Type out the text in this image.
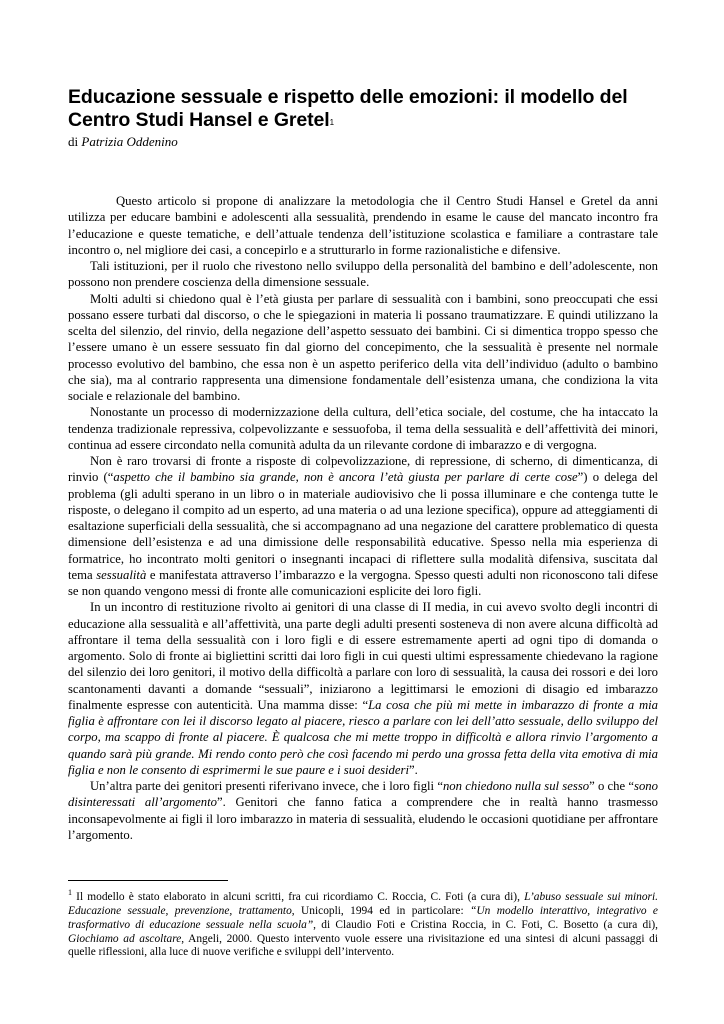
Educazione sessuale e rispetto delle emozioni: il modello del Centro Studi Hansel e Gretel$^1$
di Patrizia Oddenino

Questo articolo si propone di analizzare la metodologia che il Centro Studi Hansel e Gretel da anni utilizza per educare bambini e adolescenti alla sessualità, prendendo in esame le cause del mancato incontro fra l’educazione e queste tematiche, e dell’attuale tendenza dell’istituzione scolastica e familiare a contrastare tale incontro o, nel migliore dei casi, a concepirlo e a strutturarlo in forme razionalistiche e difensive.

Tali istituzioni, per il ruolo che rivestono nello sviluppo della personalità del bambino e dell’adolescente, non possono non prendere coscienza della dimensione sessuale.

Molti adulti si chiedono qual è l’età giusta per parlare di sessualità con i bambini, sono preoccupati che essi possano essere turbati dal discorso, o che le spiegazioni in materia li possano traumatizzare. E quindi utilizzano la scelta del silenzio, del rinvio, della negazione dell’aspetto sessuato dei bambini. Ci si dimentica troppo spesso che l’essere umano è un essere sessuato fin dal giorno del concepimento, che la sessualità è presente nel normale processo evolutivo del bambino, che essa non è un aspetto periferico della vita dell’individuo (adulto o bambino che sia), ma al contrario rappresenta una dimensione fondamentale dell’esistenza umana, che condiziona la vita sociale e relazionale del bambino.

Nonostante un processo di modernizzazione della cultura, dell’etica sociale, del costume, che ha intaccato la tendenza tradizionale repressiva, colpevolizzante e sessuofoba, il tema della sessualità e dell’affettività dei minori, continua ad essere circondato nella comunità adulta da un rilevante cordone di imbarazzo e di vergogna.

Non è raro trovarsi di fronte a risposte di colpevolizzazione, di repressione, di scherno, di dimenticanza, di rinvio (“aspetto che il bambino sia grande, non è ancora l’età giusta per parlare di certe cose”) o delega del problema (gli adulti sperano in un libro o in materiale audiovisivo che li possa illuminare e che contenga tutte le risposte, o delegano il compito ad un esperto, ad una materia o ad una lezione specifica), oppure ad atteggiamenti di esaltazione superficiali della sessualità, che si accompagnano ad una negazione del carattere problematico di questa dimensione dell’esistenza e ad una dimissione delle responsabilità educative. Spesso nella mia esperienza di formatrice, ho incontrato molti genitori o insegnanti incapaci di riflettere sulla modalità difensiva, suscitata dal tema sessualità e manifestata attraverso l’imbarazzo e la vergogna. Spesso questi adulti non riconoscono tali difese se non quando vengono messi di fronte alle comunicazioni esplicite dei loro figli.

In un incontro di restituzione rivolto ai genitori di una classe di II media, in cui avevo svolto degli incontri di educazione alla sessualità e all’affettività, una parte degli adulti presenti sosteneva di non avere alcuna difficoltà ad affrontare il tema della sessualità con i loro figli e di essere estremamente aperti ad ogni tipo di domanda o argomento. Solo di fronte ai bigliettini scritti dai loro figli in cui questi ultimi espressamente chiedevano la ragione del silenzio dei loro genitori, il motivo della difficoltà a parlare con loro di sessualità, la causa dei rossori e dei loro scantonamenti davanti a domande “sessuali”, iniziarono a legittimarsi le emozioni di disagio ed imbarazzo finalmente espresse con autenticità. Una mamma disse: “La cosa che più mi mette in imbarazzo di fronte a mia figlia è affrontare con lei il discorso legato al piacere, riesco a parlare con lei dell’atto sessuale, dello sviluppo del corpo, ma scappo di fronte al piacere. È qualcosa che mi mette troppo in difficoltà e allora rinvio l’argomento a quando sarà più grande. Mi rendo conto però che così facendo mi perdo una grossa fetta della vita emotiva di mia figlia e non le consento di esprimermi le sue paure e i suoi desideri”.

Un’altra parte dei genitori presenti riferivano invece, che i loro figli “non chiedono nulla sul sesso” o che “sono disinteressati all’argomento”. Genitori che fanno fatica a comprendere che in realtà hanno trasmesso inconsapevolmente ai figli il loro imbarazzo in materia di sessualità, eludendo le occasioni quotidiane per affrontare l’argomento.

$^1$ Il modello è stato elaborato in alcuni scritti, fra cui ricordiamo C. Roccia, C. Foti (a cura di), L’abuso sessuale sui minori. Educazione sessuale, prevenzione, trattamento, Unicopli, 1994 ed in particolare: “Un modello interattivo, integrativo e trasformativo di educazione sessuale nella scuola”, di Claudio Foti e Cristina Roccia, in C. Foti, C. Bosetto (a cura di), Giochiamo ad ascoltare, Angeli, 2000. Questo intervento vuole essere una rivisitazione ed una sintesi di alcuni passaggi di quelle riflessioni, alla luce di nuove verifiche e sviluppi dell’intervento.
